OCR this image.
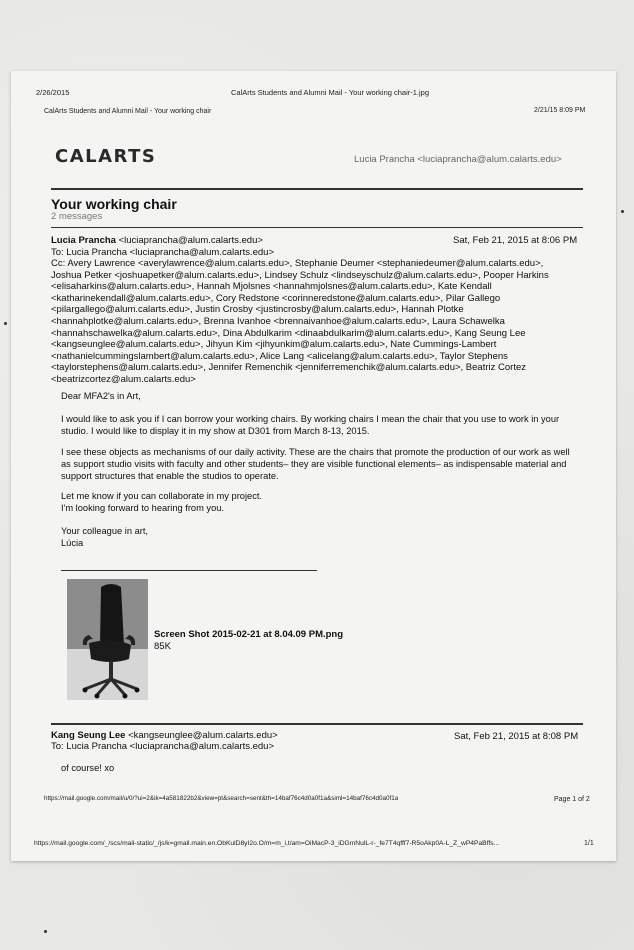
2/26/2015	CalArts Students and Alumni Mail - Your working chair-1.jpg
CalArts Students and Alumni Mail - Your working chair	2/21/15 8:09 PM
CALARTS	Lucia Prancha <luciaprancha@alum.calarts.edu>
Your working chair
2 messages
Lucia Prancha <luciaprancha@alum.calarts.edu>	Sat, Feb 21, 2015 at 8:06 PM
To: Lucia Prancha <luciaprancha@alum.calarts.edu>
Cc: Avery Lawrence <averylawrence@alum.calarts.edu>, Stephanie Deumer <stephaniedeumer@alum.calarts.edu>,
Joshua Petker <joshuapetker@alum.calarts.edu>, Lindsey Schulz <lindseyschulz@alum.calarts.edu>, Pooper Harkins
<elisaharkins@alum.calarts.edu>, Hannah Mjolsnes <hannahmjolsnes@alum.calarts.edu>, Kate Kendall
<katharinekendall@alum.calarts.edu>, Cory Redstone <corinneredstone@alum.calarts.edu>, Pilar Gallego
<pilargallego@alum.calarts.edu>, Justin Crosby <justincrosby@alum.calarts.edu>, Hannah Plotke
<hannahplotke@alum.calarts.edu>, Brenna Ivanhoe <brennaivanhoe@alum.calarts.edu>, Laura Schawelka
<hannahschawelka@alum.calarts.edu>, Dina Abdulkarim <dinaabdulkarim@alum.calarts.edu>, Kang Seung Lee
<kangseunglee@alum.calarts.edu>, Jihyun Kim <jihyunkim@alum.calarts.edu>, Nate Cummings-Lambert
<nathanielcummingslambert@alum.calarts.edu>, Alice Lang <alicelang@alum.calarts.edu>, Taylor Stephens
<taylorstephens@alum.calarts.edu>, Jennifer Remenchik <jenniferremenchik@alum.calarts.edu>, Beatriz Cortez
<beatrizcortez@alum.calarts.edu>
Dear MFA2's in Art,
I would like to ask you if I can borrow your working chairs. By working chairs I mean the chair that you use to work in your studio. I would like to display it in my show at D301 from March 8-13, 2015.
I see these objects as mechanisms of our daily activity. These are the chairs that promote the production of our work as well as support studio visits with faculty and other students– they are visible functional elements– as indispensable material and support structures that enable the studios to operate.
Let me know if you can collaborate in my project.
I'm looking forward to hearing from you.
Your colleague in art,
Lúcia
Screen Shot 2015-02-21 at 8.04.09 PM.png
85K
Kang Seung Lee <kangseunglee@alum.calarts.edu>	Sat, Feb 21, 2015 at 8:08 PM
To: Lucia Prancha <luciaprancha@alum.calarts.edu>
of course! xo
https://mail.google.com/mail/u/0/?ui=2&ik=4a581822b2&view=pt&search=sent&th=14baf76c4d0a0f1a&siml=14baf76c4d0a0f1a	Page 1 of 2
https://mail.google.com/_/scs/mail-static/_/js/k=gmail.main.en.ObKulD8yI2o.O/m=m_i,t/am=OiMacP-3_iDGmNulL-r-_fe7T4qfff7-R5oAkp0A-L_Z_wP4PaBffs...	1/1
